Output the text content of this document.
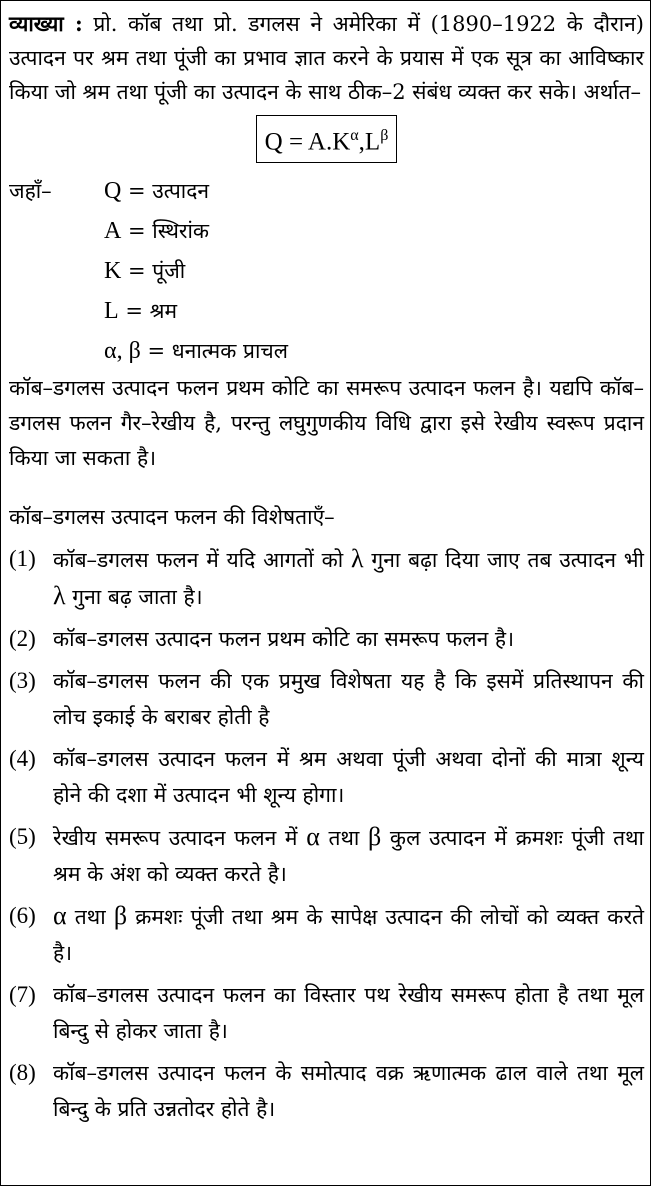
व्याख्या : प्रो. कॉब तथा प्रो. डगलस ने अमेरिका में (1890–1922 के दौरान) उत्पादन पर श्रम तथा पूंजी का प्रभाव ज्ञात करने के प्रयास में एक सूत्र का आविष्कार किया जो श्रम तथा पूंजी का उत्पादन के साथ ठीक–2 संबंध व्यक्त कर सके। अर्थात–

$Q = A.K^\alpha,L^\beta$
जहाँ–	Q = उत्पादन
A = स्थिरांक
K = पूंजी
L = श्रम
α, β = धनात्मक प्राचल

कॉब–डगलस उत्पादन फलन प्रथम कोटि का समरूप उत्पादन फलन है। यद्यपि कॉब–डगलस फलन गैर–रेखीय है, परन्तु लघुगुणकीय विधि द्वारा इसे रेखीय स्वरूप प्रदान किया जा सकता है।

कॉब–डगलस उत्पादन फलन की विशेषताएँ–
(1) कॉब–डगलस फलन में यदि आगतों को λ गुना बढ़ा दिया जाए तब उत्पादन भी λ गुना बढ़ जाता है।
(2) कॉब–डगलस उत्पादन फलन प्रथम कोटि का समरूप फलन है।
(3) कॉब–डगलस फलन की एक प्रमुख विशेषता यह है कि इसमें प्रतिस्थापन की लोच इकाई के बराबर होती है
(4) कॉब–डगलस उत्पादन फलन में श्रम अथवा पूंजी अथवा दोनों की मात्रा शून्य होने की दशा में उत्पादन भी शून्य होगा।
(5) रेखीय समरूप उत्पादन फलन में α तथा β कुल उत्पादन में क्रमशः पूंजी तथा श्रम के अंश को व्यक्त करते है।
(6) α तथा β क्रमशः पूंजी तथा श्रम के सापेक्ष उत्पादन की लोचों को व्यक्त करते है।
(7) कॉब–डगलस उत्पादन फलन का विस्तार पथ रेखीय समरूप होता है तथा मूल बिन्दु से होकर जाता है।
(8) कॉब–डगलस उत्पादन फलन के समोत्पाद वक्र ऋणात्मक ढाल वाले तथा मूल बिन्दु के प्रति उन्नतोदर होते है।
